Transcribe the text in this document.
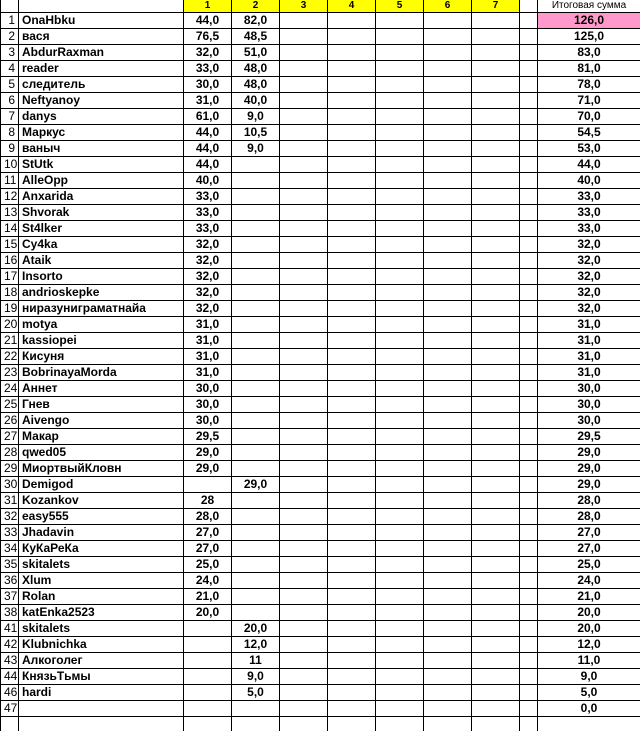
		1	2	3	4	5	6	7		Итоговая сумма
1	OnaHbku	44,0	82,0							126,0
2	вася	76,5	48,5							125,0
3	AbdurRaxman	32,0	51,0							83,0
4	reader	33,0	48,0							81,0
5	следитель	30,0	48,0							78,0
6	Neftyanoy	31,0	40,0							71,0
7	danys	61,0	9,0							70,0
8	Маркус	44,0	10,5							54,5
9	ваныч	44,0	9,0							53,0
10	StUtk	44,0								44,0
11	AlleOpp	40,0								40,0
12	Anxarida	33,0								33,0
13	Shvorak	33,0								33,0
14	St4lker	33,0								33,0
15	Cy4ka	32,0								32,0
16	Ataik	32,0								32,0
17	Insorto	32,0								32,0
18	andrioskepke	32,0								32,0
19	ниразуниграматнайа	32,0								32,0
20	motya	31,0								31,0
21	kassiopei	31,0								31,0
22	Кисуня	31,0								31,0
23	BobrinayaMorda	31,0								31,0
24	Аннет	30,0								30,0
25	Гнев	30,0								30,0
26	Aivengo	30,0								30,0
27	Макар	29,5								29,5
28	qwed05	29,0								29,0
29	МиортвыйКловн	29,0								29,0
30	Demigod		29,0							29,0
31	Kozankov	28								28,0
32	easy555	28,0								28,0
33	Jhadavin	27,0								27,0
34	КуКаРеКа	27,0								27,0
35	skitalets	25,0								25,0
36	Xlum	24,0								24,0
37	Rolan	21,0								21,0
38	katEnka2523	20,0								20,0
41	skitalets		20,0							20,0
42	Klubnichka		12,0							12,0
43	Алкоголег		11							11,0
44	КнязьТьмы		9,0							9,0
46	hardi		5,0							5,0
47										0,0
